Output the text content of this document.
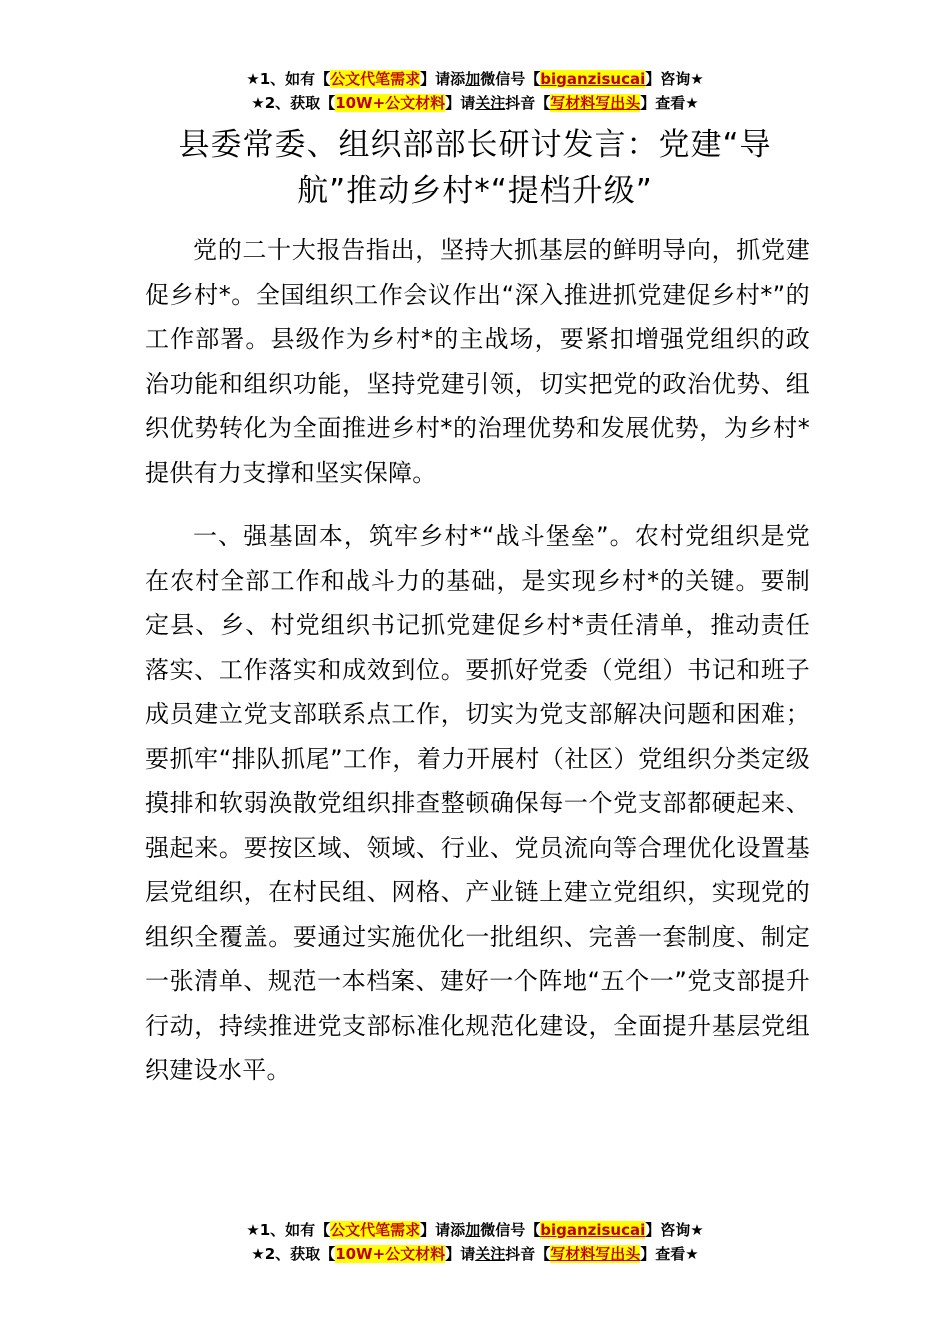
★1、如有【公文代笔需求】请添加微信号【biganzisucai】咨询★
★2、获取【10W+公文材料】请关注抖音【写材料写出头】查看★
县委常委、组织部部长研讨发言：党建“导航”推动乡村*“提档升级”

党的二十大报告指出，坚持大抓基层的鲜明导向，抓党建促乡村*。全国组织工作会议作出“深入推进抓党建促乡村*”的工作部署。县级作为乡村*的主战场，要紧扣增强党组织的政治功能和组织功能，坚持党建引领，切实把党的政治优势、组织优势转化为全面推进乡村*的治理优势和发展优势，为乡村*提供有力支撑和坚实保障。

一、强基固本，筑牢乡村*“战斗堡垒”。农村党组织是党在农村全部工作和战斗力的基础，是实现乡村*的关键。要制定县、乡、村党组织书记抓党建促乡村*责任清单，推动责任落实、工作落实和成效到位。要抓好党委（党组）书记和班子成员建立党支部联系点工作，切实为党支部解决问题和困难；要抓牢“排队抓尾”工作，着力开展村（社区）党组织分类定级摸排和软弱涣散党组织排查整顿确保每一个党支部都硬起来、强起来。要按区域、领域、行业、党员流向等合理优化设置基层党组织，在村民组、网格、产业链上建立党组织，实现党的组织全覆盖。要通过实施优化一批组织、完善一套制度、制定一张清单、规范一本档案、建好一个阵地“五个一”党支部提升行动，持续推进党支部标准化规范化建设，全面提升基层党组织建设水平。

★1、如有【公文代笔需求】请添加微信号【biganzisucai】咨询★
★2、获取【10W+公文材料】请关注抖音【写材料写出头】查看★
